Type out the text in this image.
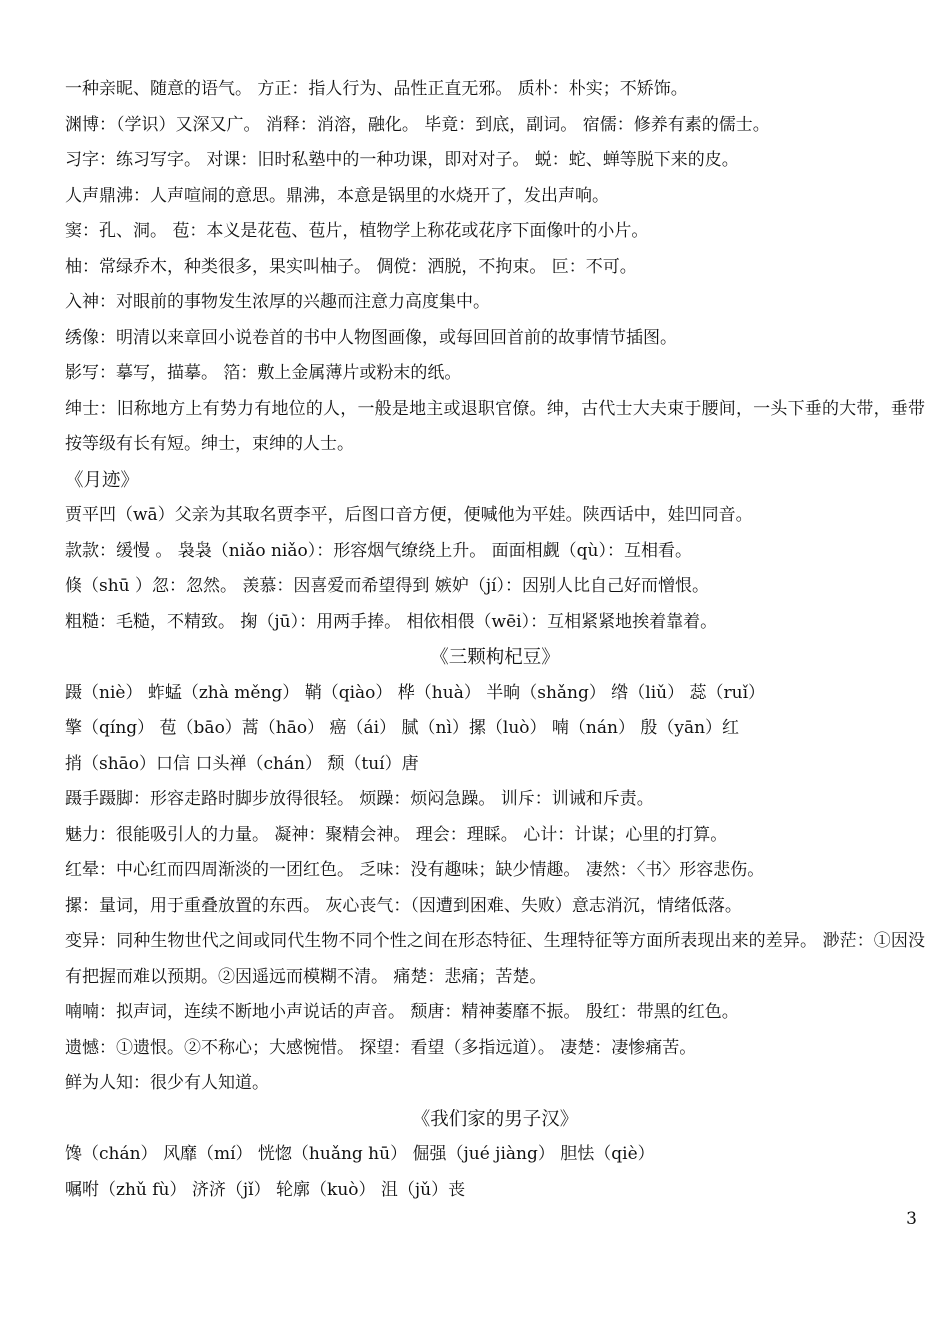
一种亲昵、随意的语气。 方正：指人行为、品性正直无邪。 质朴：朴实；不矫饰。
渊博：（学识）又深又广。 消释：消溶，融化。 毕竟：到底，副词。 宿儒：修养有素的儒士。
习字：练习写字。 对课：旧时私塾中的一种功课，即对对子。 蜕：蛇、蝉等脱下来的皮。
人声鼎沸：人声喧闹的意思。鼎沸，本意是锅里的水烧开了，发出声响。
窦：孔、洞。 苞：本义是花苞、苞片，植物学上称花或花序下面像叶的小片。
柚：常绿乔木，种类很多，果实叫柚子。 倜傥：洒脱，不拘束。 叵：不可。
入神：对眼前的事物发生浓厚的兴趣而注意力高度集中。
绣像：明清以来章回小说卷首的书中人物图画像，或每回回首前的故事情节插图。
影写：摹写，描摹。 箔：敷上金属薄片或粉末的纸。
绅士：旧称地方上有势力有地位的人，一般是地主或退职官僚。绅，古代士大夫束于腰间，一头下垂的大带，垂带按等级有长有短。绅士，束绅的人士。
《月迹》
贾平凹（wā）父亲为其取名贾李平，后图口音方便，便喊他为平娃。陕西话中，娃凹同音。
款款：缓慢 。 袅袅（niǎo niǎo）：形容烟气缭绕上升。 面面相觑（qù）：互相看。
倏（shū ）忽：忽然。 羡慕：因喜爱而希望得到 嫉妒（jí）：因别人比自己好而憎恨。
粗糙：毛糙，不精致。 掬（jū）：用两手捧。 相依相偎（wēi）：互相紧紧地挨着靠着。
《三颗枸杞豆》
蹑（niè） 蚱蜢（zhà měng） 鞘（qiào） 桦（huà） 半晌（shǎng） 绺（liǔ） 蕊（ruǐ）
擎（qíng） 苞（bāo）蒿（hāo） 癌（ái） 腻（nì）摞（luò） 喃（nán） 殷（yān）红
捎（shāo）口信 口头禅（chán） 颓（tuí）唐
蹑手蹑脚：形容走路时脚步放得很轻。 烦躁：烦闷急躁。 训斥：训诫和斥责。
魅力：很能吸引人的力量。 凝神：聚精会神。 理会：理睬。 心计：计谋；心里的打算。
红晕：中心红而四周渐淡的一团红色。 乏味：没有趣味；缺少情趣。 凄然：〈书〉形容悲伤。
摞：量词，用于重叠放置的东西。 灰心丧气：（因遭到困难、失败）意志消沉，情绪低落。
变异：同种生物世代之间或同代生物不同个性之间在形态特征、生理特征等方面所表现出来的差异。 渺茫：①因没有把握而难以预期。②因遥远而模糊不清。 痛楚：悲痛；苦楚。
喃喃：拟声词，连续不断地小声说话的声音。 颓唐：精神萎靡不振。 殷红：带黑的红色。
遗憾：①遗恨。②不称心；大感惋惜。 探望：看望（多指远道）。 凄楚：凄惨痛苦。
鲜为人知：很少有人知道。
《我们家的男子汉》
馋（chán） 风靡（mí） 恍惚（huǎng hū） 倔强（jué jiàng） 胆怯（qiè）
嘱咐（zhǔ fù） 济济（jǐ） 轮廓（kuò） 沮（jǔ）丧
3
